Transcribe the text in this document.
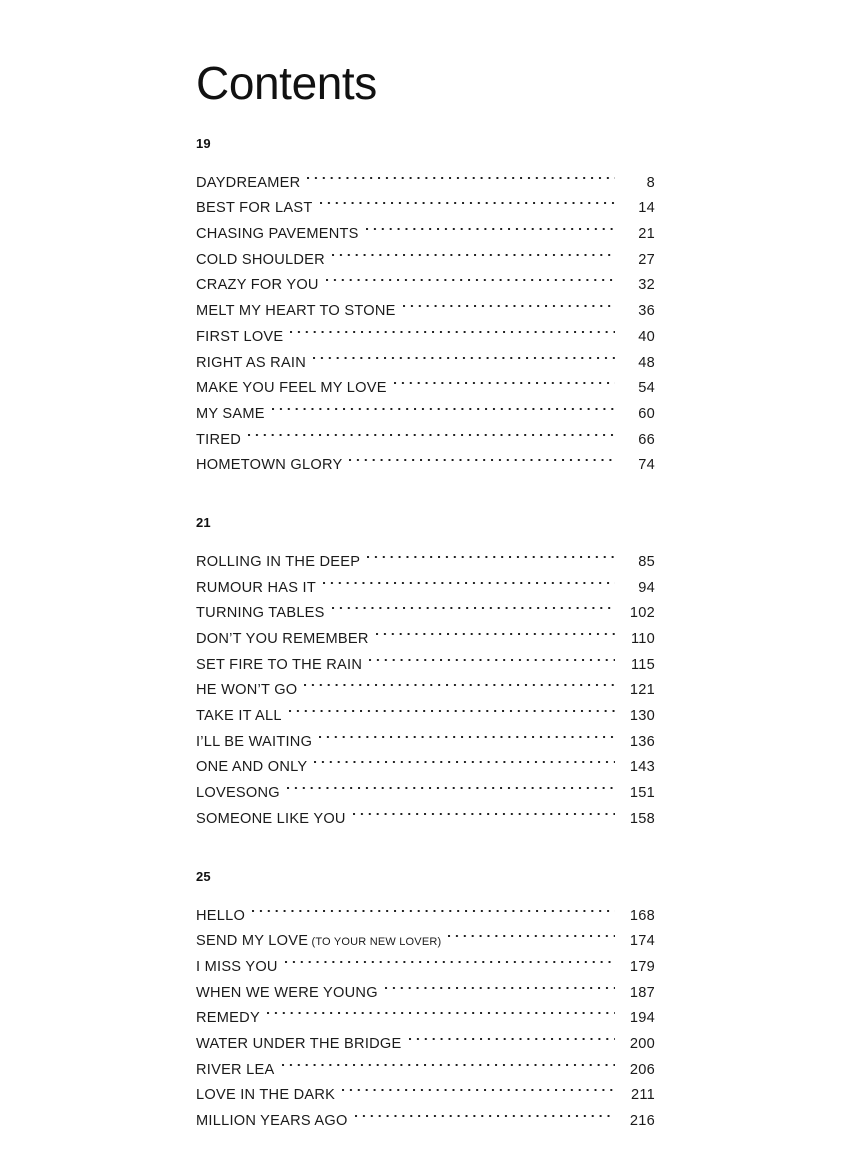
Contents
19
DAYDREAMER	8
BEST FOR LAST	14
CHASING PAVEMENTS	21
COLD SHOULDER	27
CRAZY FOR YOU	32
MELT MY HEART TO STONE	36
FIRST LOVE	40
RIGHT AS RAIN	48
MAKE YOU FEEL MY LOVE	54
MY SAME	60
TIRED	66
HOMETOWN GLORY	74
21
ROLLING IN THE DEEP	85
RUMOUR HAS IT	94
TURNING TABLES	102
DON’T YOU REMEMBER	110
SET FIRE TO THE RAIN	115
HE WON’T GO	121
TAKE IT ALL	130
I’LL BE WAITING	136
ONE AND ONLY	143
LOVESONG	151
SOMEONE LIKE YOU	158
25
HELLO	168
SEND MY LOVE (TO YOUR NEW LOVER)	174
I MISS YOU	179
WHEN WE WERE YOUNG	187
REMEDY	194
WATER UNDER THE BRIDGE	200
RIVER LEA	206
LOVE IN THE DARK	211
MILLION YEARS AGO	216
